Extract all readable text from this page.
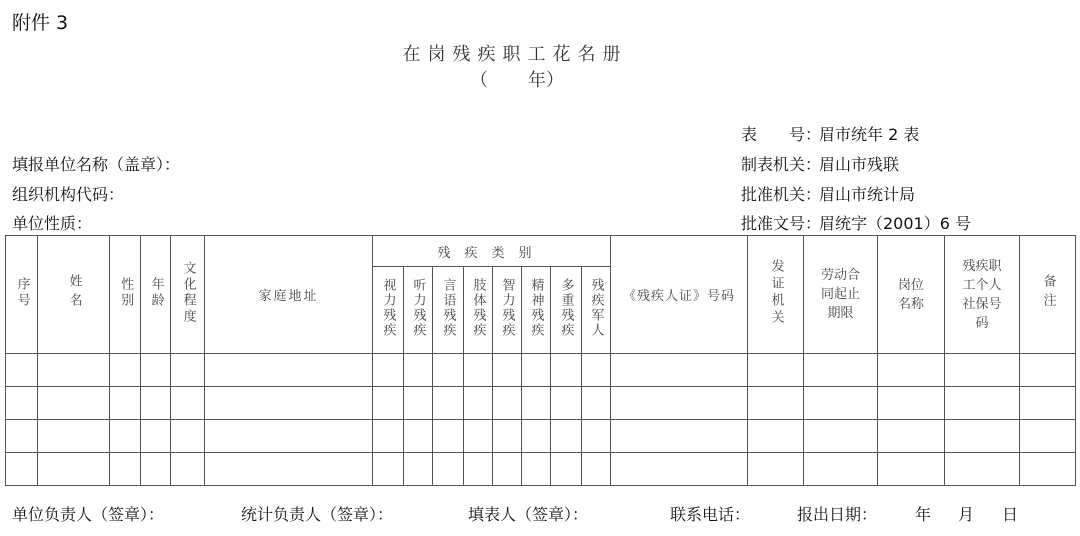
附件 3
在岗残疾职工花名册
（ 年）
填报单位名称（盖章）：
组织机构代码：
单位性质：
表　　号：眉市统年 2 表
制表机关：眉山市残联
批准机关：眉山市统计局
批准文号：眉统字（2001）6 号
序号	姓名	性别	年龄	文化程度	家庭地址	残疾类别								《残疾人证》号码	发证机关	劳动合同起止期限	岗位名称	残疾职工个人社保号码	备注
						视力残疾	听力残疾	言语残疾	肢体残疾	智力残疾	精神残疾	多重残疾	残疾军人						

单位负责人（签章）：	统计负责人（签章）：	填表人（签章）：	联系电话：	报出日期： 年 月 日
